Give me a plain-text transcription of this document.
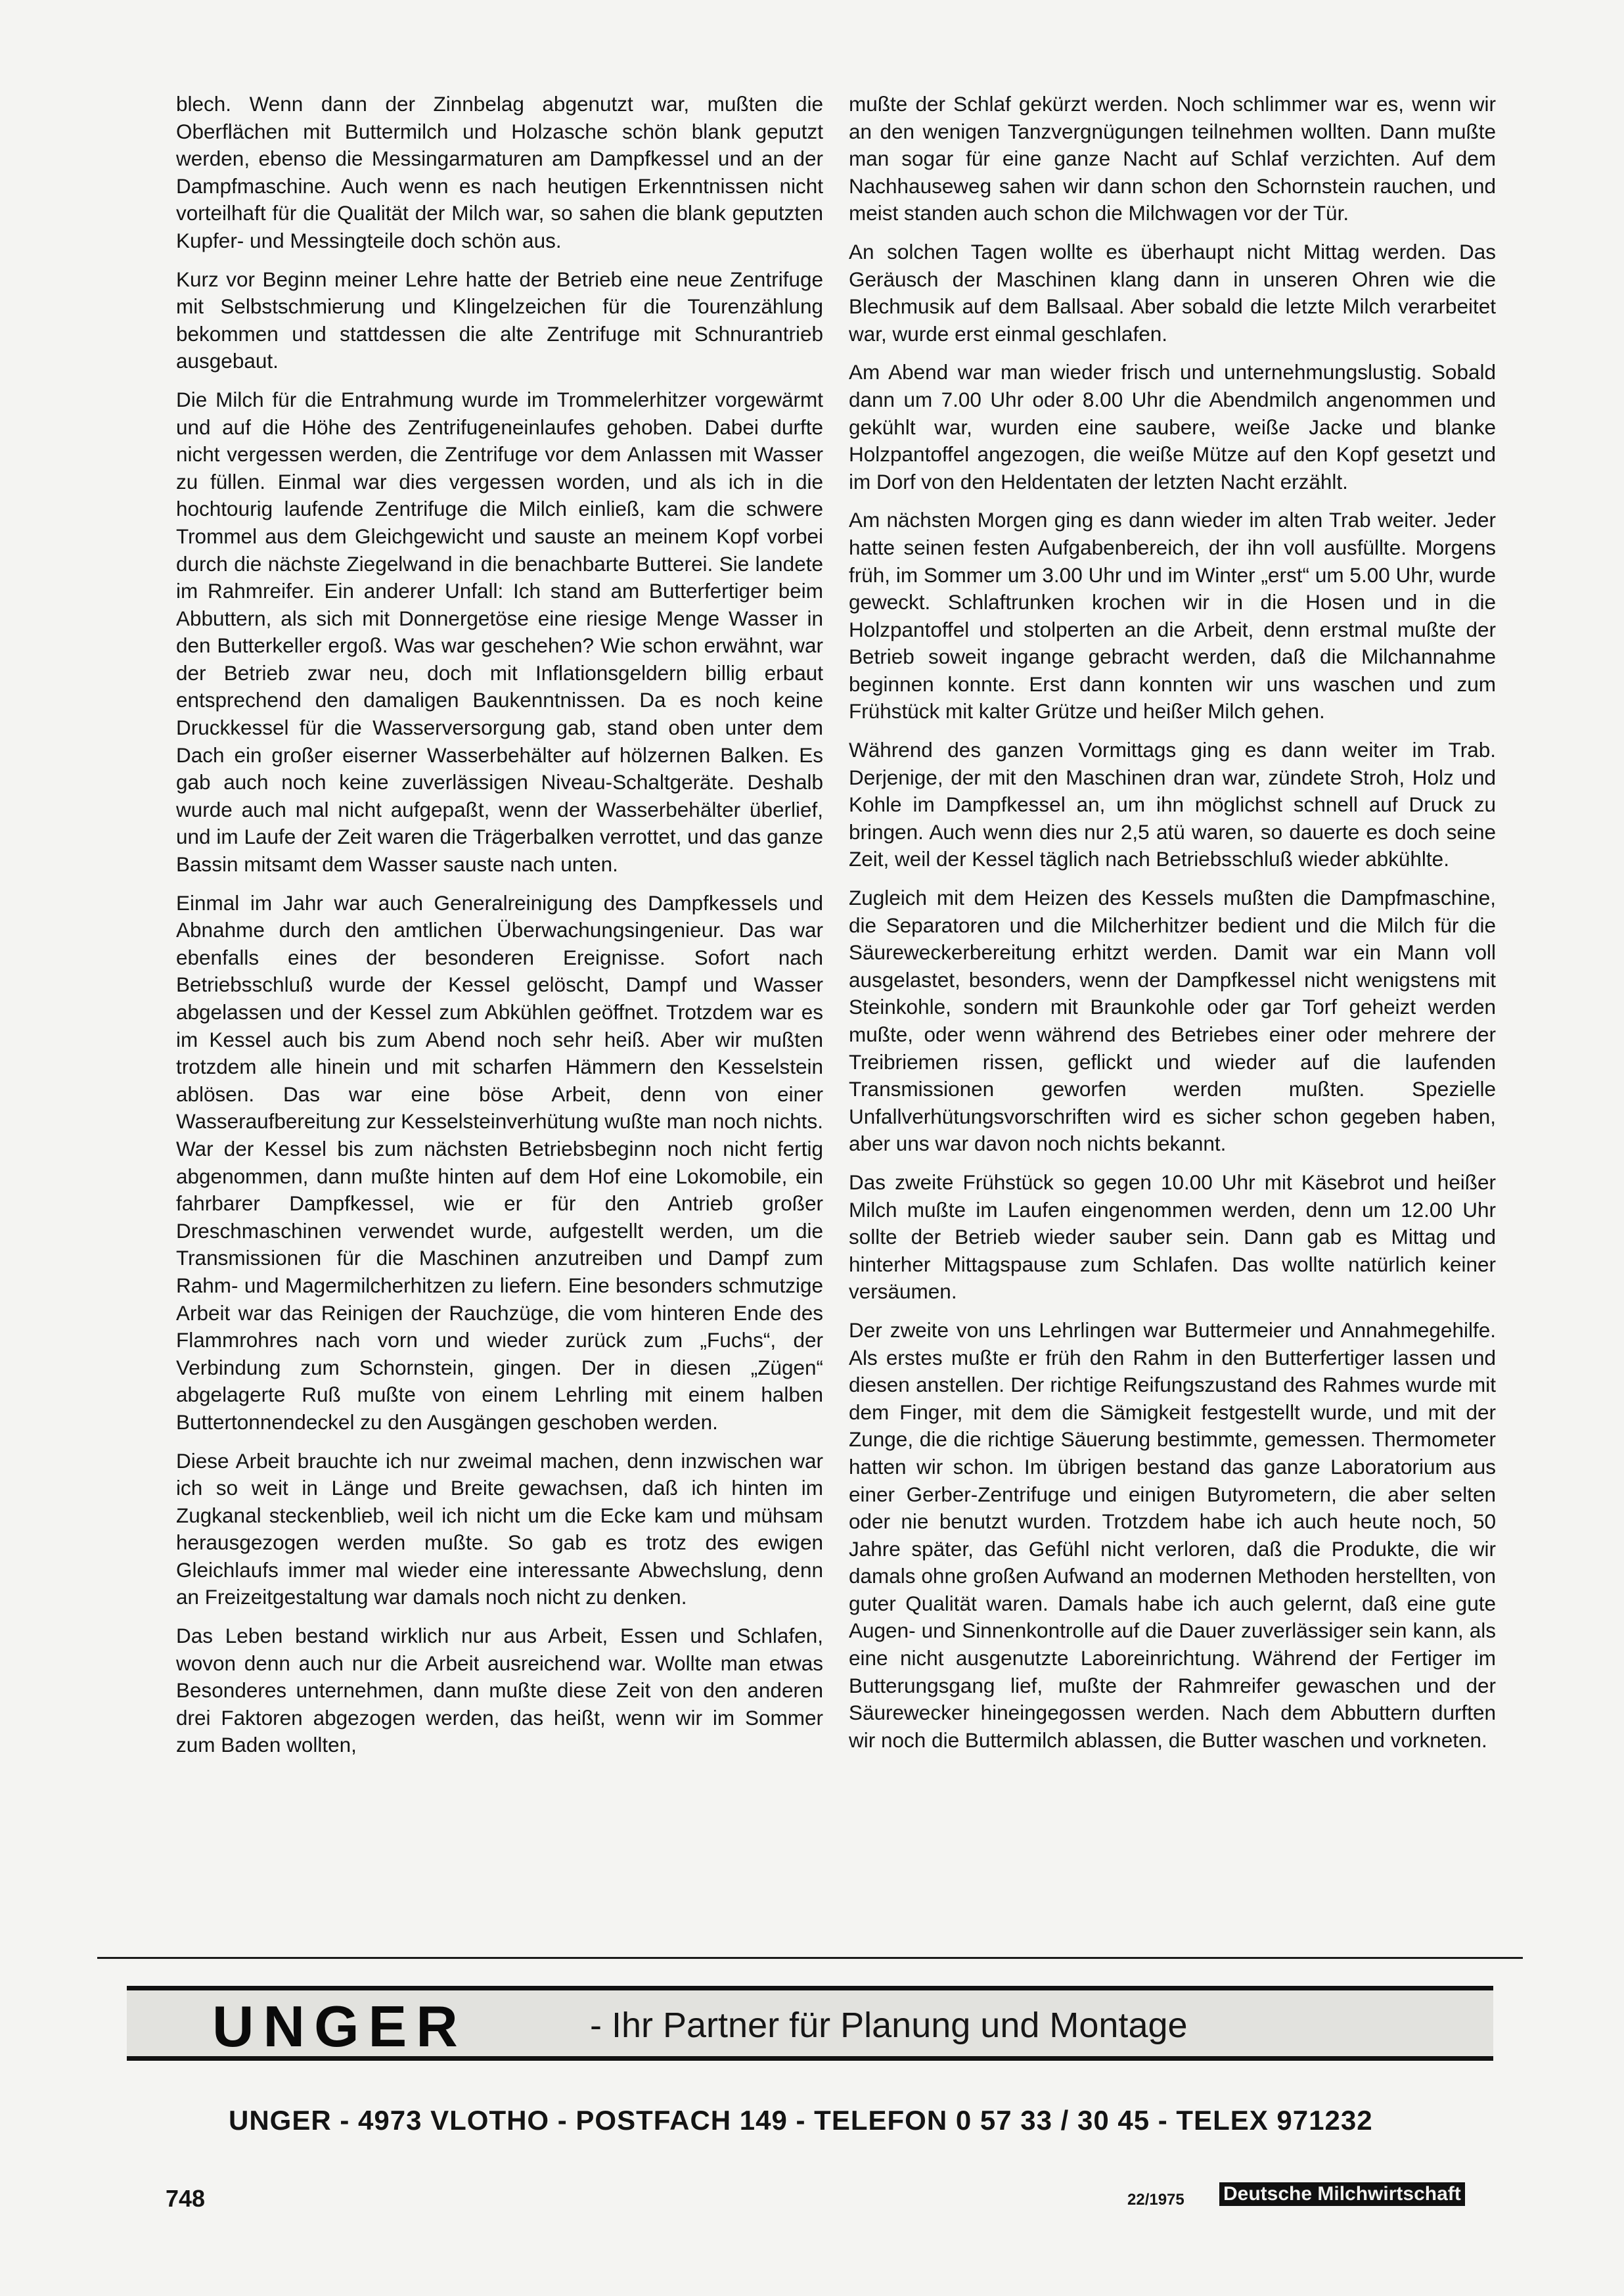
blech. Wenn dann der Zinnbelag abgenutzt war, mußten die Oberflächen mit Buttermilch und Holzasche schön blank geputzt werden, ebenso die Messingarmaturen am Dampfkessel und an der Dampfmaschine. Auch wenn es nach heutigen Erkenntnissen nicht vorteilhaft für die Qualität der Milch war, so sahen die blank geputzten Kupfer- und Messingteile doch schön aus.

Kurz vor Beginn meiner Lehre hatte der Betrieb eine neue Zentrifuge mit Selbstschmierung und Klingelzeichen für die Tourenzählung bekommen und stattdessen die alte Zentrifuge mit Schnurantrieb ausgebaut.

Die Milch für die Entrahmung wurde im Trommelerhitzer vorgewärmt und auf die Höhe des Zentrifugeneinlaufes gehoben. Dabei durfte nicht vergessen werden, die Zentrifuge vor dem Anlassen mit Wasser zu füllen. Einmal war dies vergessen worden, und als ich in die hochtourig laufende Zentrifuge die Milch einließ, kam die schwere Trommel aus dem Gleichgewicht und sauste an meinem Kopf vorbei durch die nächste Ziegelwand in die benachbarte Butterei. Sie landete im Rahmreifer. Ein anderer Unfall: Ich stand am Butterfertiger beim Abbuttern, als sich mit Donnergetöse eine riesige Menge Wasser in den Butterkeller ergoß. Was war geschehen? Wie schon erwähnt, war der Betrieb zwar neu, doch mit Inflationsgeldern billig erbaut entsprechend den damaligen Baukenntnissen. Da es noch keine Druckkessel für die Wasserversorgung gab, stand oben unter dem Dach ein großer eiserner Wasserbehälter auf hölzernen Balken. Es gab auch noch keine zuverlässigen Niveau-Schaltgeräte. Deshalb wurde auch mal nicht aufgepaßt, wenn der Wasserbehälter überlief, und im Laufe der Zeit waren die Trägerbalken verrottet, und das ganze Bassin mitsamt dem Wasser sauste nach unten.

Einmal im Jahr war auch Generalreinigung des Dampfkessels und Abnahme durch den amtlichen Überwachungsingenieur. Das war ebenfalls eines der besonderen Ereignisse. Sofort nach Betriebsschluß wurde der Kessel gelöscht, Dampf und Wasser abgelassen und der Kessel zum Abkühlen geöffnet. Trotzdem war es im Kessel auch bis zum Abend noch sehr heiß. Aber wir mußten trotzdem alle hinein und mit scharfen Hämmern den Kesselstein ablösen. Das war eine böse Arbeit, denn von einer Wasseraufbereitung zur Kesselsteinverhütung wußte man noch nichts. War der Kessel bis zum nächsten Betriebsbeginn noch nicht fertig abgenommen, dann mußte hinten auf dem Hof eine Lokomobile, ein fahrbarer Dampfkessel, wie er für den Antrieb großer Dreschmaschinen verwendet wurde, aufgestellt werden, um die Transmissionen für die Maschinen anzutreiben und Dampf zum Rahm- und Magermilcherhitzen zu liefern. Eine besonders schmutzige Arbeit war das Reinigen der Rauchzüge, die vom hinteren Ende des Flammrohres nach vorn und wieder zurück zum „Fuchs“, der Verbindung zum Schornstein, gingen. Der in diesen „Zügen“ abgelagerte Ruß mußte von einem Lehrling mit einem halben Buttertonnendeckel zu den Ausgängen geschoben werden.

Diese Arbeit brauchte ich nur zweimal machen, denn inzwischen war ich so weit in Länge und Breite gewachsen, daß ich hinten im Zugkanal steckenblieb, weil ich nicht um die Ecke kam und mühsam herausgezogen werden mußte. So gab es trotz des ewigen Gleichlaufs immer mal wieder eine interessante Abwechslung, denn an Freizeitgestaltung war damals noch nicht zu denken.

Das Leben bestand wirklich nur aus Arbeit, Essen und Schlafen, wovon denn auch nur die Arbeit ausreichend war. Wollte man etwas Besonderes unternehmen, dann mußte diese Zeit von den anderen drei Faktoren abgezogen werden, das heißt, wenn wir im Sommer zum Baden wollten,

mußte der Schlaf gekürzt werden. Noch schlimmer war es, wenn wir an den wenigen Tanzvergnügungen teilnehmen wollten. Dann mußte man sogar für eine ganze Nacht auf Schlaf verzichten. Auf dem Nachhauseweg sahen wir dann schon den Schornstein rauchen, und meist standen auch schon die Milchwagen vor der Tür.

An solchen Tagen wollte es überhaupt nicht Mittag werden. Das Geräusch der Maschinen klang dann in unseren Ohren wie die Blechmusik auf dem Ballsaal. Aber sobald die letzte Milch verarbeitet war, wurde erst einmal geschlafen.

Am Abend war man wieder frisch und unternehmungslustig. Sobald dann um 7.00 Uhr oder 8.00 Uhr die Abendmilch angenommen und gekühlt war, wurden eine saubere, weiße Jacke und blanke Holzpantoffel angezogen, die weiße Mütze auf den Kopf gesetzt und im Dorf von den Heldentaten der letzten Nacht erzählt.

Am nächsten Morgen ging es dann wieder im alten Trab weiter. Jeder hatte seinen festen Aufgabenbereich, der ihn voll ausfüllte. Morgens früh, im Sommer um 3.00 Uhr und im Winter „erst“ um 5.00 Uhr, wurde geweckt. Schlaftrunken krochen wir in die Hosen und in die Holzpantoffel und stolperten an die Arbeit, denn erstmal mußte der Betrieb soweit ingange gebracht werden, daß die Milchannahme beginnen konnte. Erst dann konnten wir uns waschen und zum Frühstück mit kalter Grütze und heißer Milch gehen.

Während des ganzen Vormittags ging es dann weiter im Trab. Derjenige, der mit den Maschinen dran war, zündete Stroh, Holz und Kohle im Dampfkessel an, um ihn möglichst schnell auf Druck zu bringen. Auch wenn dies nur 2,5 atü waren, so dauerte es doch seine Zeit, weil der Kessel täglich nach Betriebsschluß wieder abkühlte.

Zugleich mit dem Heizen des Kessels mußten die Dampfmaschine, die Separatoren und die Milcherhitzer bedient und die Milch für die Säureweckerbereitung erhitzt werden. Damit war ein Mann voll ausgelastet, besonders, wenn der Dampfkessel nicht wenigstens mit Steinkohle, sondern mit Braunkohle oder gar Torf geheizt werden mußte, oder wenn während des Betriebes einer oder mehrere der Treibriemen rissen, geflickt und wieder auf die laufenden Transmissionen geworfen werden mußten. Spezielle Unfallverhütungsvorschriften wird es sicher schon gegeben haben, aber uns war davon noch nichts bekannt.

Das zweite Frühstück so gegen 10.00 Uhr mit Käsebrot und heißer Milch mußte im Laufen eingenommen werden, denn um 12.00 Uhr sollte der Betrieb wieder sauber sein. Dann gab es Mittag und hinterher Mittagspause zum Schlafen. Das wollte natürlich keiner versäumen.

Der zweite von uns Lehrlingen war Buttermeier und Annahmegehilfe. Als erstes mußte er früh den Rahm in den Butterfertiger lassen und diesen anstellen. Der richtige Reifungszustand des Rahmes wurde mit dem Finger, mit dem die Sämigkeit festgestellt wurde, und mit der Zunge, die die richtige Säuerung bestimmte, gemessen. Thermometer hatten wir schon. Im übrigen bestand das ganze Laboratorium aus einer Gerber-Zentrifuge und einigen Butyrometern, die aber selten oder nie benutzt wurden. Trotzdem habe ich auch heute noch, 50 Jahre später, das Gefühl nicht verloren, daß die Produkte, die wir damals ohne großen Aufwand an modernen Methoden herstellten, von guter Qualität waren. Damals habe ich auch gelernt, daß eine gute Augen- und Sinnenkontrolle auf die Dauer zuverlässiger sein kann, als eine nicht ausgenutzte Laboreinrichtung. Während der Fertiger im Butterungsgang lief, mußte der Rahmreifer gewaschen und der Säurewecker hineingegossen werden. Nach dem Abbuttern durften wir noch die Buttermilch ablassen, die Butter waschen und vorkneten.

UNGER	- Ihr Partner für Planung und Montage
UNGER - 4973 VLOTHO - POSTFACH 149 - TELEFON 0 57 33 / 30 45 - TELEX 971232
748	22/1975 Deutsche Milchwirtschaft
